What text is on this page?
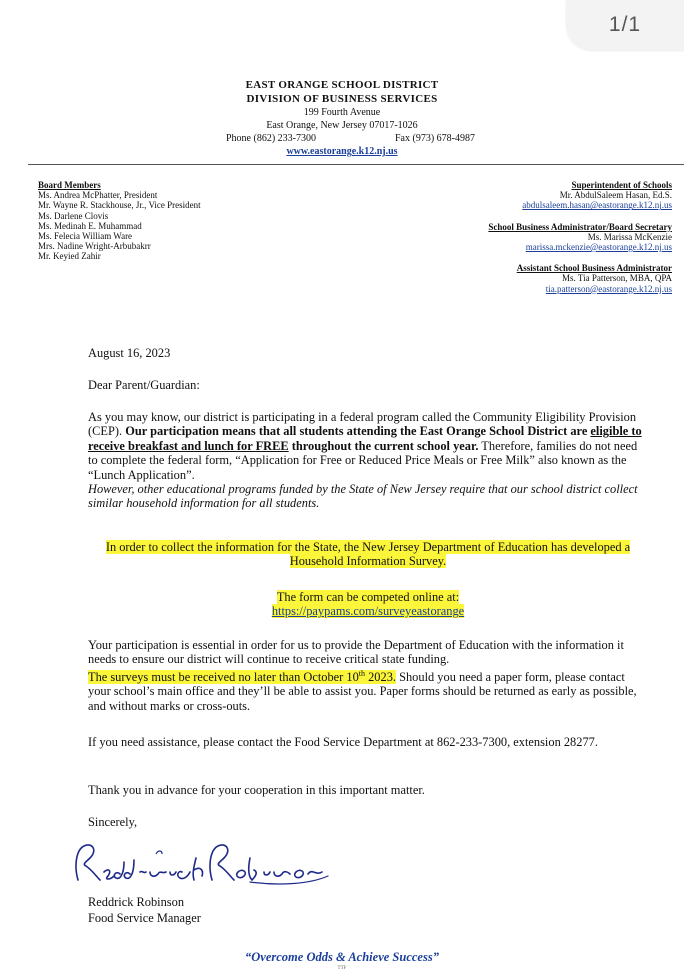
1/1
EAST ORANGE SCHOOL DISTRICT
DIVISION OF BUSINESS SERVICES
199 Fourth Avenue
East Orange, New Jersey 07017-1026
Phone (862) 233-7300	Fax (973) 678-4987
www.eastorange.k12.nj.us
Board Members
Ms. Andrea McPhatter, President
Mr. Wayne R. Stackhouse, Jr., Vice President
Ms. Darlene Clovis
Ms. Medinah E. Muhammad
Ms. Felecia William Ware
Mrs. Nadine Wright-Arbubakrr
Mr. Keyied Zahir
Superintendent of Schools
Mr. AbdulSaleem Hasan, Ed.S.
abdulsaleem.hasan@eastorange.k12.nj.us
School Business Administrator/Board Secretary
Ms. Marissa McKenzie
marissa.mckenzie@eastorange.k12.nj.us
Assistant School Business Administrator
Ms. Tia Patterson, MBA, QPA
tia.patterson@eastorange.k12.nj.us
August 16, 2023
Dear Parent/Guardian:
As you may know, our district is participating in a federal program called the Community Eligibility Provision (CEP). Our participation means that all students attending the East Orange School District are eligible to receive breakfast and lunch for FREE throughout the current school year. Therefore, families do not need to complete the federal form, “Application for Free or Reduced Price Meals or Free Milk” also known as the “Lunch Application”.
However, other educational programs funded by the State of New Jersey require that our school district collect similar household information for all students.
In order to collect the information for the State, the New Jersey Department of Education has developed a Household Information Survey.
The form can be competed online at:
https://paypams.com/surveyeastorange
Your participation is essential in order for us to provide the Department of Education with the information it needs to ensure our district will continue to receive critical state funding.
The surveys must be received no later than October 10th 2023. Should you need a paper form, please contact your school’s main office and they’ll be able to assist you. Paper forms should be returned as early as possible, and without marks or cross-outs.
If you need assistance, please contact the Food Service Department at 862-233-7300, extension 28277.
Thank you in advance for your cooperation in this important matter.
Sincerely,
Reddrick Robinson
Food Service Manager
“Overcome Odds & Achieve Success”
TTF
